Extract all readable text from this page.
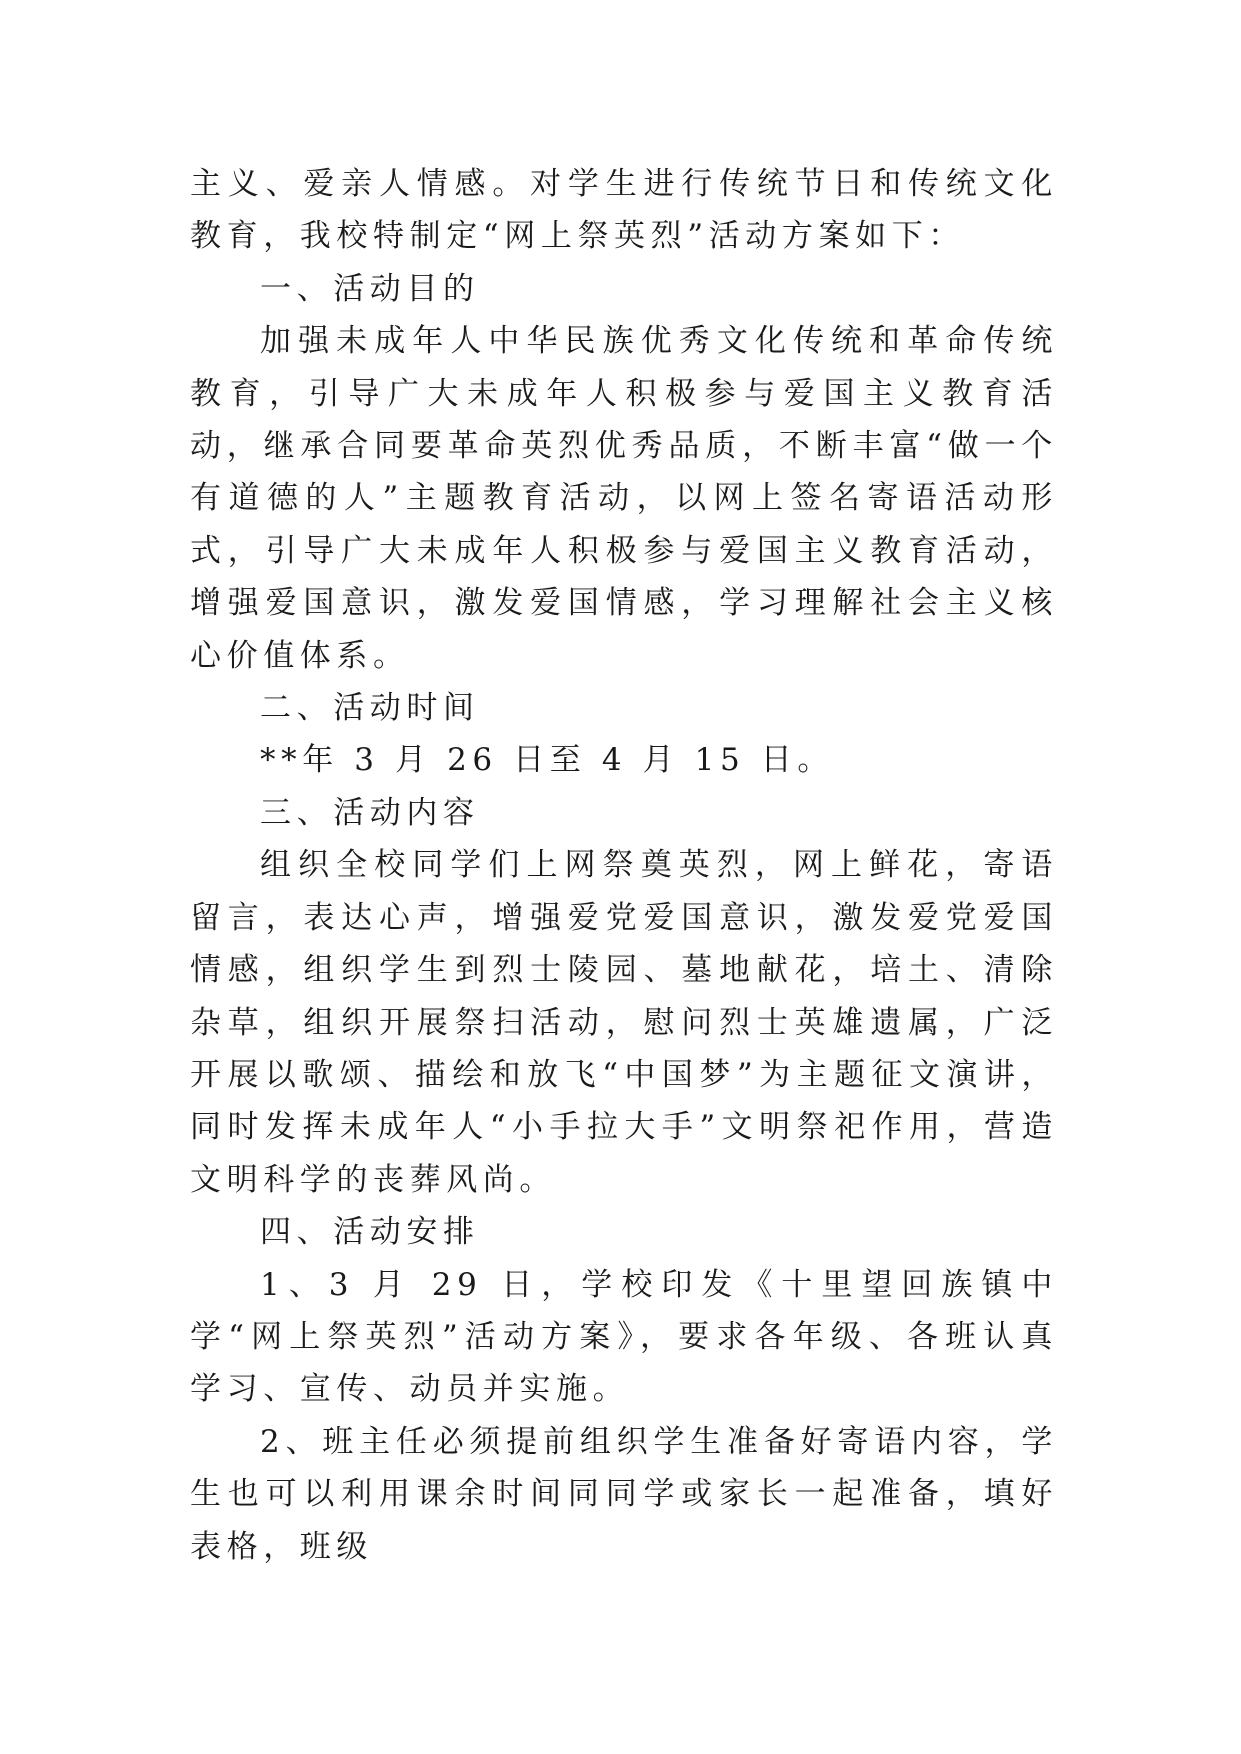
主义、爱亲人情感。对学生进行传统节日和传统文化教育，我校特制定“网上祭英烈”活动方案如下：

一、活动目的

加强未成年人中华民族优秀文化传统和革命传统教育，引导广大未成年人积极参与爱国主义教育活动，继承合同要革命英烈优秀品质，不断丰富“做一个有道德的人”主题教育活动，以网上签名寄语活动形式，引导广大未成年人积极参与爱国主义教育活动，增强爱国意识，激发爱国情感，学习理解社会主义核心价值体系。

二、活动时间

**年 3 月 26 日至 4 月 15 日。

三、活动内容

组织全校同学们上网祭奠英烈，网上鲜花，寄语留言，表达心声，增强爱党爱国意识，激发爱党爱国情感，组织学生到烈士陵园、墓地献花，培土、清除杂草，组织开展祭扫活动，慰问烈士英雄遗属，广泛开展以歌颂、描绘和放飞“中国梦”为主题征文演讲，同时发挥未成年人“小手拉大手”文明祭祀作用，营造文明科学的丧葬风尚。

四、活动安排

1、3 月 29 日，学校印发《十里望回族镇中学“网上祭英烈”活动方案》，要求各年级、各班认真学习、宣传、动员并实施。

2、班主任必须提前组织学生准备好寄语内容，学生也可以利用课余时间同同学或家长一起准备，填好表格，班级
